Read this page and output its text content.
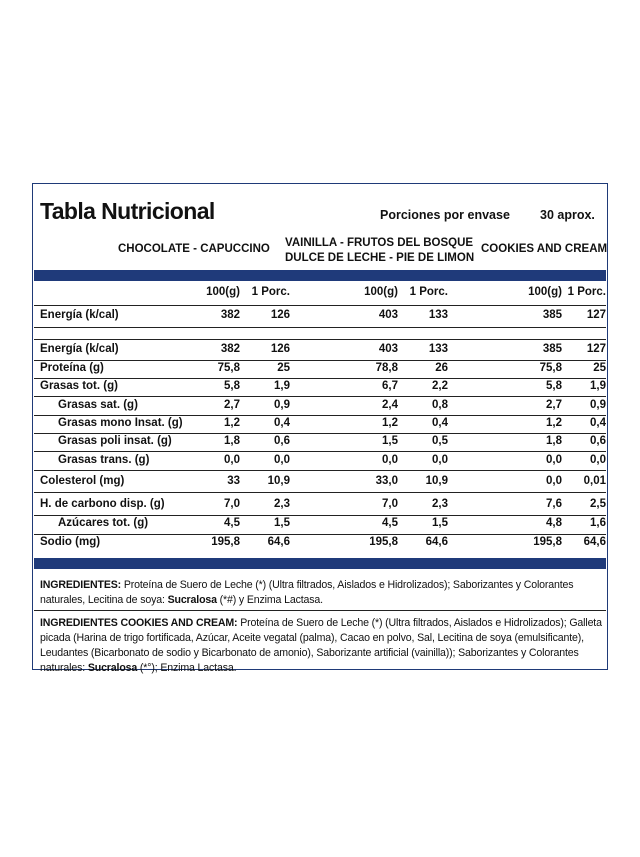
Tabla Nutricional	Porciones por envase 30 aprox.
CHOCOLATE - CAPUCCINO VAINILLA - FRUTOS DEL BOSQUE
DULCE DE LECHE - PIE DE LIMON
COOKIES AND CREAM
100(g)	1 Porc.	100(g)	1 Porc.	100(g) 1 Porc.
Energía (k/cal)	382	126	403	133	385	127
Energía (k/cal)	382	126	403	133	385	127
Proteína (g)	75,8	25	78,8	26	75,8	25
Grasas tot. (g)	5,8	1,9	6,7	2,2	5,8	1,9
Grasas sat. (g)	2,7	0,9	2,4	0,8	2,7	0,9
Grasas mono Insat. (g)	1,2	0,4	1,2	0,4	1,2	0,4
Grasas poli insat. (g)	1,8	0,6	1,5	0,5	1,8	0,6
Grasas trans. (g)	0,0	0,0	0,0	0,0	0,0	0,0
Colesterol (mg)	33	10,9	33,0	10,9	0,0	0,01
H. de carbono disp. (g)	7,0	2,3	7,0	2,3	7,6	2,5
Azúcares tot. (g)	4,5	1,5	4,5	1,5	4,8	1,6
Sodio (mg)	195,8	64,6	195,8	64,6	195,8	64,6
INGREDIENTES: Proteína de Suero de Leche (*) (Ultra filtrados, Aislados e Hidrolizados); Saborizantes y Colorantes naturales, Lecitina de soya: Sucralosa (*#) y Enzima Lactasa.
INGREDIENTES COOKIES AND CREAM: Proteína de Suero de Leche (*) (Ultra filtrados, Aislados e Hidrolizados); Galleta picada (Harina de trigo fortificada, Azúcar, Aceite vegatal (palma), Cacao en polvo, Sal, Lecitina de soya (emulsificante), Leudantes (Bicarbonato de sodio y Bicarbonato de amonio), Saborizante artificial (vainilla)); Saborizantes y Colorantes naturales: Sucralosa (*°); Enzima Lactasa.
